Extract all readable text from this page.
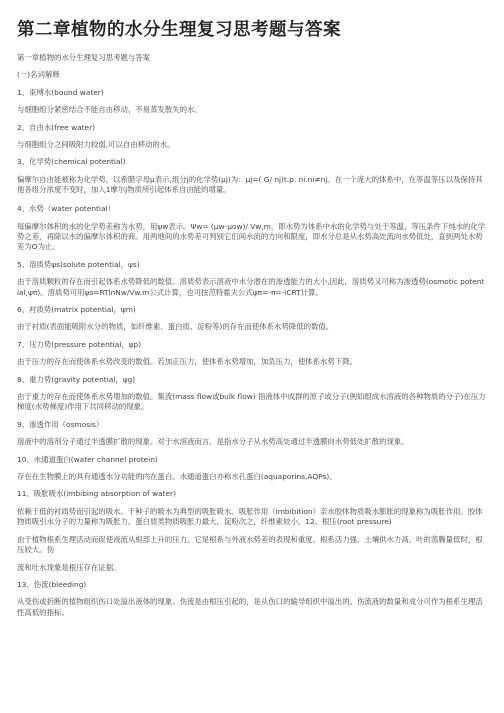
第二章植物的水分生理复习思考题与答案

第一章植物的水分生理复习思考题与答案

(一)名词解释

1、束缚水(bound water)

与细胞组分紧密结合不能自由移动、不易蒸发散失的水。

2、自由水(free water)

与细胞组分之间吸附力较弱,可以自由移动的水。

3、化学势(chemical potential)

偏摩尔自由能被称为化学势，以希腊字母μ表示,组分j的化学势(μj)为：μj=( G/ nj)t.p. ni.ni≠nj。在一个庞大的体系中，在等温等压以及保持其他各组分浓度不变时，加入1摩尔j物质所引起体系自由能的增量。

4、水势（water potential）

每偏摩尔体积的水的化学势差称为水势，用ψw表示。Ψw= (μw-μow)/ Vw,m，即水势为体系中水的化学势与处于等温、等压条件下纯水的化学势之差，再除以水的偏摩尔体积的商。用两地间的水势差可判别它们间水流的方向和限度，即水分总是从水势高处流向水势低处，直到两处水势差为O为止。

5、溶质势ψs(solute potential，ψs)

由于溶质颗粒的存在而引起体系水势降低的数值。溶质势表示溶液中水分潜在的渗透能力的大小,因此，溶质势又可称为渗透势(osmotic potential,ψπ)。溶质势可用ψs=RTlnNw/Vw.m公式计算，也可按范特霍夫公式ψπ=-π=-iCRT计算。

6、衬质势(matrix potential，ψm)

由于衬质(表面能吸附水分的物质，如纤维素、蛋白质、淀粉等)的存在而使体系水势降低的数值。

7、压力势(pressure potential，ψp)

由于压力的存在而使体系水势改变的数值。若加正压力，使体系水势增加，加负压力，使体系水势下降。

8、重力势(gravity potential，ψg)

由于重力的存在而使体系水势增加的数值。集流(mass flow或bulk flow) 指液体中成群的原子或分子(例如组成水溶液的各种物质的分子)在压力梯度(水势梯度)作用下共同移动的现象。

9、渗透作用（osmosis）

溶液中的溶剂分子通过半透膜扩散的现象。对于水溶液而言，是指水分子从水势高处通过半透膜向水势低处扩散的现象。

10、水通道蛋白(water channel protein)

存在在生物膜上的具有通透水分功能的内在蛋白。水通道蛋白亦称水孔蛋白(aquaporins,AQPs)。

11、吸胀吸水(imbibing absorption of water)

依赖于低的衬质势而引起的吸水。干种子的吸水为典型的吸胀吸水。吸胀作用（imbibition）亲水胶体物质吸水膨胀的现象称为吸胀作用。胶体物质吸引水分子的力量称为吸胀力。蛋白质类物质吸胀力最大，淀粉次之，纤维素较小。12、根压(root pressure)

由于植物根系生理活动而促使液流从根部上升的压力。它是根系与外液水势差的表现和重度。根系活力强、土壤供水力高、叶的蒸腾量低时，根压较大。伤

流和吐水现象是根压存在证据。

13、伤流(bleeding)

从受伤或折断的植物组织伤口处溢出液体的现象。伤流是由根压引起的，是从伤口的输导组织中溢出的。伤流液的数量和成分可作为根系生理活性高低的指标。
